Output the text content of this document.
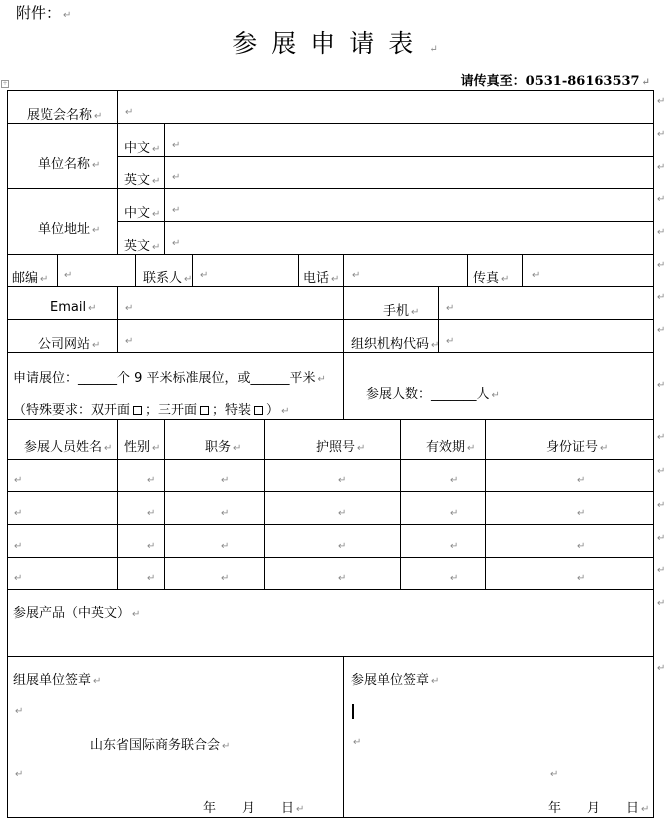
附件： ↵
参展申请表 ↵
请传真至：0531-86163537 ↵
+
↵
↵
↵
↵
↵
↵
↵
↵
↵
↵
↵
↵
↵
↵
↵
↵
展览会名称 ↵ ↵
单位名称 ↵
中文 ↵ ↵
英文 ↵ ↵
单位地址 ↵
中文 ↵ ↵
英文 ↵ ↵
邮编 ↵ ↵	联系人 ↵ ↵	电话 ↵ ↵	传真 ↵ ↵
Email ↵	↵	手机 ↵	↵
公司网站 ↵ ↵	组织机构代码 ↵ ↵
申请展位：______个 9 平米标准展位，或______平米 ↵
（特殊要求：双开面 ；三开面 ；特装 ） ↵
参展人数：_______人 ↵
参展人员姓名 ↵ 性别 ↵	职务 ↵	护照号 ↵	有效期 ↵	身份证号 ↵
↵	↵	↵	↵	↵	↵
↵	↵	↵	↵	↵	↵
↵	↵	↵	↵	↵	↵
↵	↵	↵	↵	↵	↵
参展产品（中英文） ↵
组展单位签章 ↵
↵
山东省国际商务联合会 ↵
↵
年　　月　　日 ↵
参展单位签章 ↵
↵
↵
年　　月　　日 ↵
